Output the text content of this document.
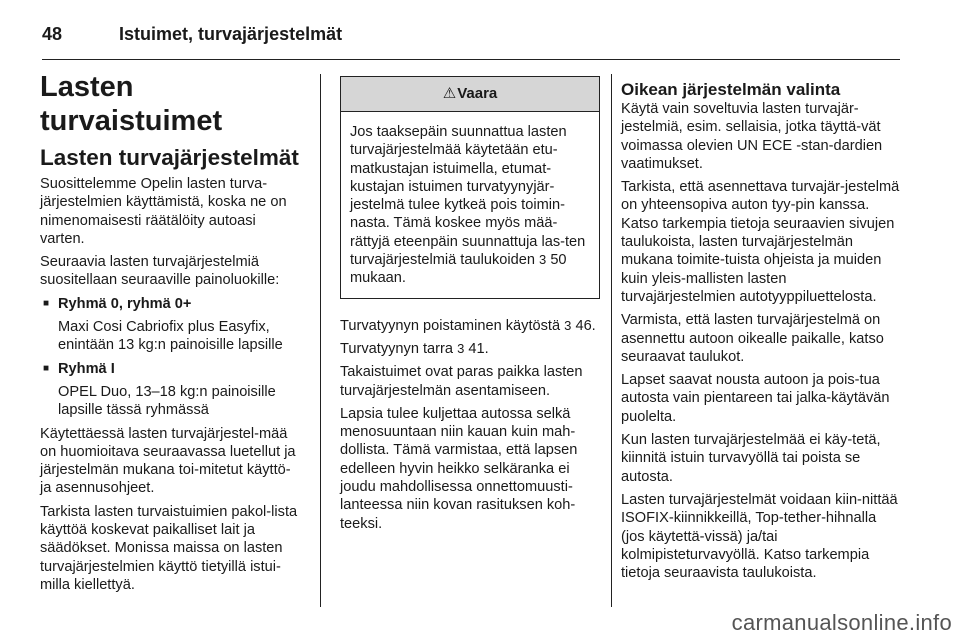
48	Istuimet, turvajärjestelmät
Lasten turvaistuimet
Lasten turvajärjestelmät

Suosittelemme Opelin lasten turva-järjestelmien käyttämistä, koska ne on nimenomaisesti räätälöity autoasi varten.

Seuraavia lasten turvajärjestelmiä suositellaan seuraaville painoluokille:

■ Ryhmä 0, ryhmä 0+

Maxi Cosi Cabriofix plus Easyfix, enintään 13 kg:n painoisille lapsille

■ Ryhmä I

OPEL Duo, 13–18 kg:n painoisille lapsille tässä ryhmässä

Käytettäessä lasten turvajärjestel-mää on huomioitava seuraavassa luetellut ja järjestelmän mukana toi-mitetut käyttö- ja asennusohjeet.

Tarkista lasten turvaistuimien pakol-lista käyttöä koskevat paikalliset lait ja säädökset. Monissa maissa on lasten turvajärjestelmien käyttö tietyillä istui-milla kiellettyä.

⚠Vaara
Jos taaksepäin suunnattua lasten turvajärjestelmää käytetään etu-matkustajan istuimella, etumat-kustajan istuimen turvatyynyjär-jestelmä tulee kytkeä pois toimin-nasta. Tämä koskee myös mää-rättyjä eteenpäin suunnattuja las-ten turvajärjestelmiä taulukoiden 3 50 mukaan.

Turvatyynyn poistaminen käytöstä 3 46.

Turvatyynyn tarra 3 41.

Takaistuimet ovat paras paikka lasten turvajärjestelmän asentamiseen.

Lapsia tulee kuljettaa autossa selkä menosuuntaan niin kauan kuin mah-dollista. Tämä varmistaa, että lapsen edelleen hyvin heikko selkäranka ei joudu mahdollisessa onnettomuusti-lanteessa niin kovan rasituksen koh-teeksi.

Oikean järjestelmän valinta

Käytä vain soveltuvia lasten turvajär-jestelmiä, esim. sellaisia, jotka täyttä-vät voimassa olevien UN ECE -stan-dardien vaatimukset.

Tarkista, että asennettava turvajär-jestelmä on yhteensopiva auton tyy-pin kanssa. Katso tarkempia tietoja seuraavien sivujen taulukoista, lasten turvajärjestelmän mukana toimite-tuista ohjeista ja muiden kuin yleis-mallisten lasten turvajärjestelmien autotyyppiluettelosta.

Varmista, että lasten turvajärjestelmä on asennettu autoon oikealle paikalle, katso seuraavat taulukot.

Lapset saavat nousta autoon ja pois-tua autosta vain pientareen tai jalka-käytävän puolelta.

Kun lasten turvajärjestelmää ei käy-tetä, kiinnitä istuin turvavyöllä tai poista se autosta.

Lasten turvajärjestelmät voidaan kiin-nittää ISOFIX-kiinnikkeillä, Top-tether-hihnalla (jos käytettä-vissä) ja/tai kolmipisteturvavyöllä. Katso tarkempia tietoja seuraavista taulukoista.

carmanualsonline.info
